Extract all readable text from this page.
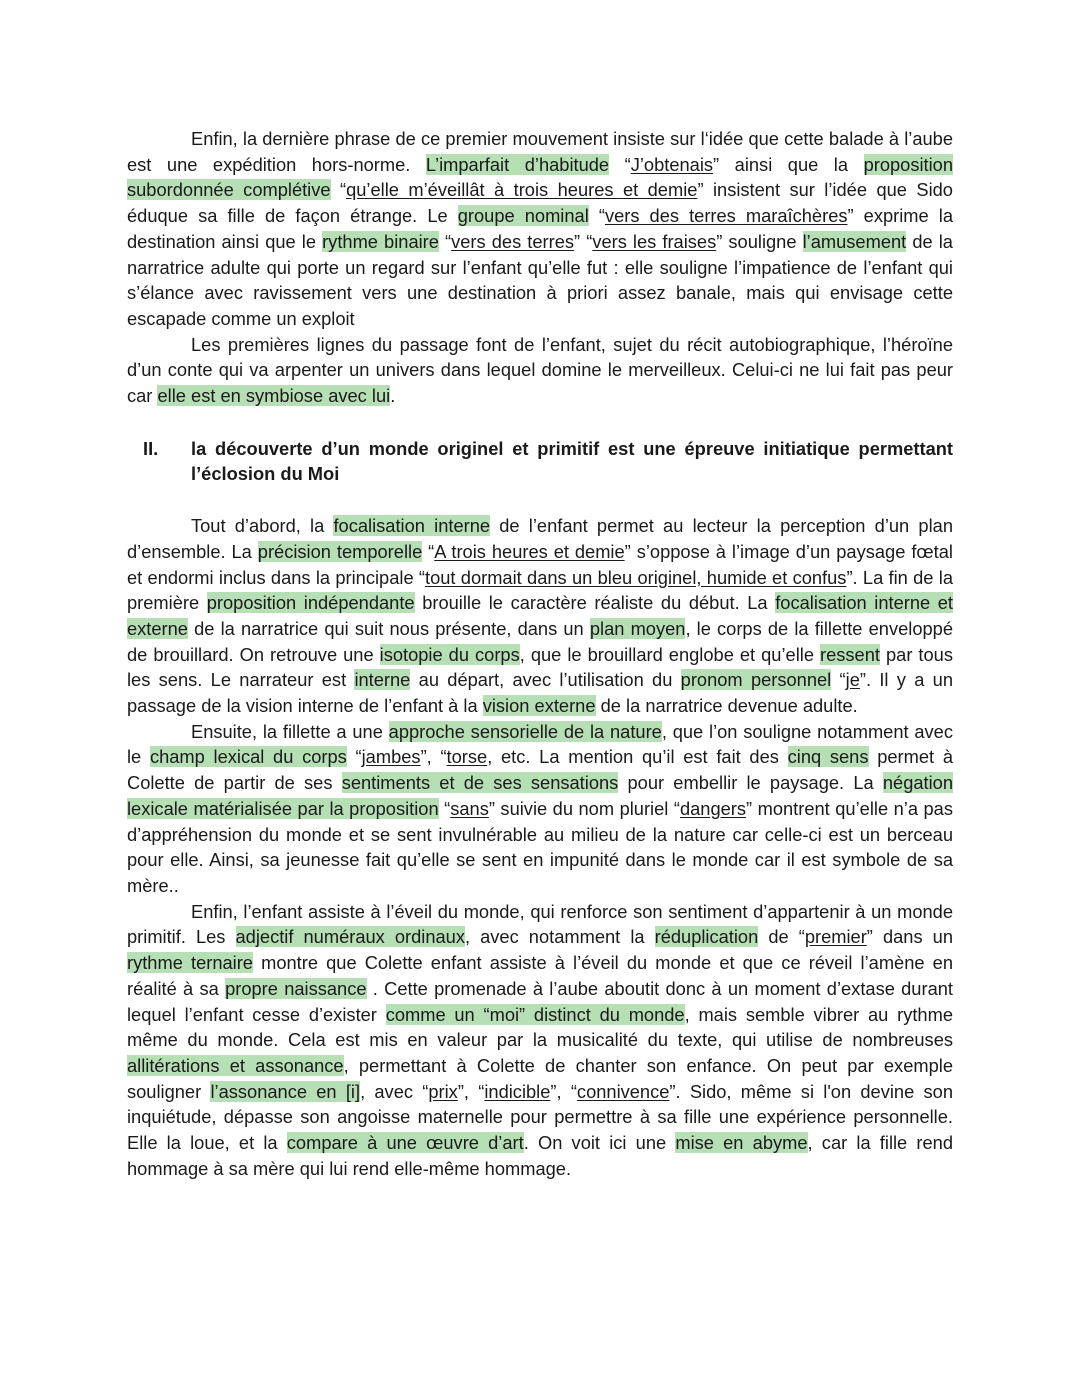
Enfin, la dernière phrase de ce premier mouvement insiste sur l‘idée que cette balade à l’aube est une expédition hors-norme. L’imparfait d’habitude “J’obtenais” ainsi que la proposition subordonnée complétive “qu’elle m’éveillât à trois heures et demie” insistent sur l’idée que Sido éduque sa fille de façon étrange. Le groupe nominal “vers des terres maraîchères” exprime la destination ainsi que le rythme binaire “vers des terres” “vers les fraises” souligne l’amusement de la narratrice adulte qui porte un regard sur l’enfant qu’elle fut : elle souligne l’impatience de l’enfant qui s’élance avec ravissement vers une destination à priori assez banale, mais qui envisage cette escapade comme un exploit

Les premières lignes du passage font de l’enfant, sujet du récit autobiographique, l’héroïne d’un conte qui va arpenter un univers dans lequel domine le merveilleux. Celui-ci ne lui fait pas peur car elle est en symbiose avec lui.

II. la découverte d’un monde originel et primitif est une épreuve initiatique permettant l’éclosion du Moi

Tout d’abord, la focalisation interne de l’enfant permet au lecteur la perception d’un plan d’ensemble. La précision temporelle “A trois heures et demie” s’oppose à l’image d’un paysage fœtal et endormi inclus dans la principale “tout dormait dans un bleu originel, humide et confus”. La fin de la première proposition indépendante brouille le caractère réaliste du début. La focalisation interne et externe de la narratrice qui suit nous présente, dans un plan moyen, le corps de la fillette enveloppé de brouillard. On retrouve une isotopie du corps, que le brouillard englobe et qu’elle ressent par tous les sens. Le narrateur est interne au départ, avec l’utilisation du pronom personnel “je”. Il y a un passage de la vision interne de l’enfant à la vision externe de la narratrice devenue adulte.

Ensuite, la fillette a une approche sensorielle de la nature, que l’on souligne notamment avec le champ lexical du corps “jambes”, “torse, etc. La mention qu’il est fait des cinq sens permet à Colette de partir de ses sentiments et de ses sensations pour embellir le paysage. La négation lexicale matérialisée par la proposition “sans” suivie du nom pluriel “dangers” montrent qu’elle n’a pas d’appréhension du monde et se sent invulnérable au milieu de la nature car celle-ci est un berceau pour elle. Ainsi, sa jeunesse fait qu’elle se sent en impunité dans le monde car il est symbole de sa mère..

Enfin, l’enfant assiste à l’éveil du monde, qui renforce son sentiment d’appartenir à un monde primitif. Les adjectif numéraux ordinaux, avec notamment la réduplication de “premier” dans un rythme ternaire montre que Colette enfant assiste à l’éveil du monde et que ce réveil l’amène en réalité à sa propre naissance . Cette promenade à l’aube aboutit donc à un moment d’extase durant lequel l’enfant cesse d’exister comme un “moi” distinct du monde, mais semble vibrer au rythme même du monde. Cela est mis en valeur par la musicalité du texte, qui utilise de nombreuses allitérations et assonance, permettant à Colette de chanter son enfance. On peut par exemple souligner l’assonance en [i], avec “prix”, “indicible”, “connivence”. Sido, même si l'on devine son inquiétude, dépasse son angoisse maternelle pour permettre à sa fille une expérience personnelle. Elle la loue, et la compare à une œuvre d’art. On voit ici une mise en abyme, car la fille rend hommage à sa mère qui lui rend elle-même hommage.
